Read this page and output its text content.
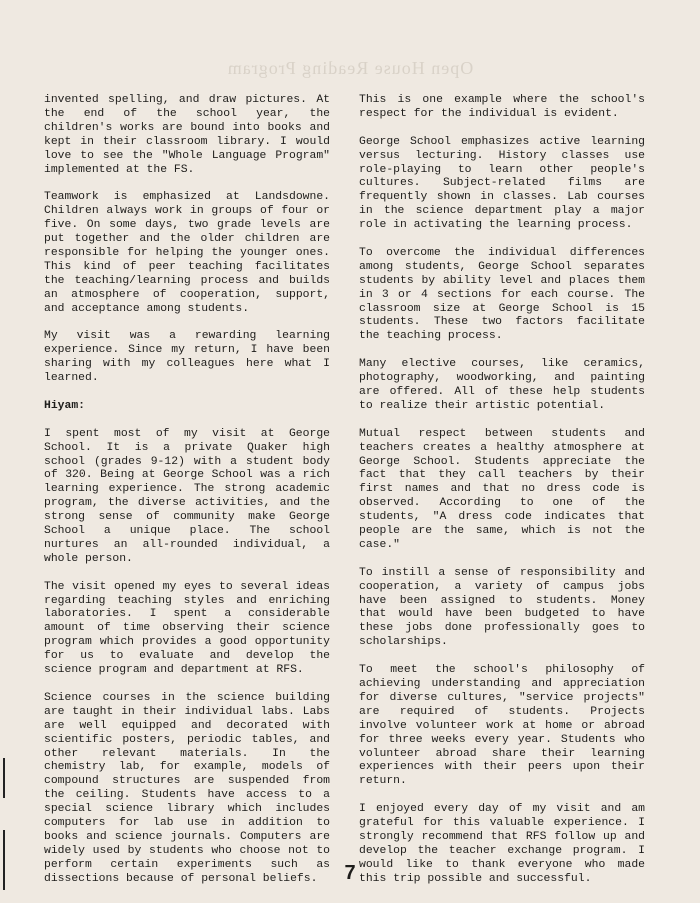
Open House Reading Program

invented spelling, and draw pictures. At the end of the school year, the children's works are bound into books and kept in their classroom library. I would love to see the "Whole Language Program" implemented at the FS.

Teamwork is emphasized at Landsdowne. Children always work in groups of four or five. On some days, two grade levels are put together and the older children are responsible for helping the younger ones. This kind of peer teaching facilitates the teaching/learning process and builds an atmosphere of cooperation, support, and acceptance among students.

My visit was a rewarding learning experience. Since my return, I have been sharing with my colleagues here what I learned.

Hiyam:

I spent most of my visit at George School. It is a private Quaker high school (grades 9-12) with a student body of 320. Being at George School was a rich learning experience. The strong academic program, the diverse activities, and the strong sense of community make George School a unique place. The school nurtures an all-rounded individual, a whole person.

The visit opened my eyes to several ideas regarding teaching styles and enriching laboratories. I spent a considerable amount of time observing their science program which provides a good opportunity for us to evaluate and develop the science program and department at RFS.

Science courses in the science building are taught in their individual labs. Labs are well equipped and decorated with scientific posters, periodic tables, and other relevant materials. In the chemistry lab, for example, models of compound structures are suspended from the ceiling. Students have access to a special science library which includes computers for lab use in addition to books and science journals. Computers are widely used by students who choose not to perform certain experiments such as dissections because of personal beliefs.

This is one example where the school's respect for the individual is evident.

George School emphasizes active learning versus lecturing. History classes use role-playing to learn other people's cultures. Subject-related films are frequently shown in classes. Lab courses in the science department play a major role in activating the learning process.

To overcome the individual differences among students, George School separates students by ability level and places them in 3 or 4 sections for each course. The classroom size at George School is 15 students. These two factors facilitate the teaching process.

Many elective courses, like ceramics, photography, woodworking, and painting are offered. All of these help students to realize their artistic potential.

Mutual respect between students and teachers creates a healthy atmosphere at George School. Students appreciate the fact that they call teachers by their first names and that no dress code is observed. According to one of the students, "A dress code indicates that people are the same, which is not the case."

To instill a sense of responsibility and cooperation, a variety of campus jobs have been assigned to students. Money that would have been budgeted to have these jobs done professionally goes to scholarships.

To meet the school's philosophy of achieving understanding and appreciation for diverse cultures, "service projects" are required of students. Projects involve volunteer work at home or abroad for three weeks every year. Students who volunteer abroad share their learning experiences with their peers upon their return.

I enjoyed every day of my visit and am grateful for this valuable experience. I strongly recommend that RFS follow up and develop the teacher exchange program. I would like to thank everyone who made this trip possible and successful.

7
